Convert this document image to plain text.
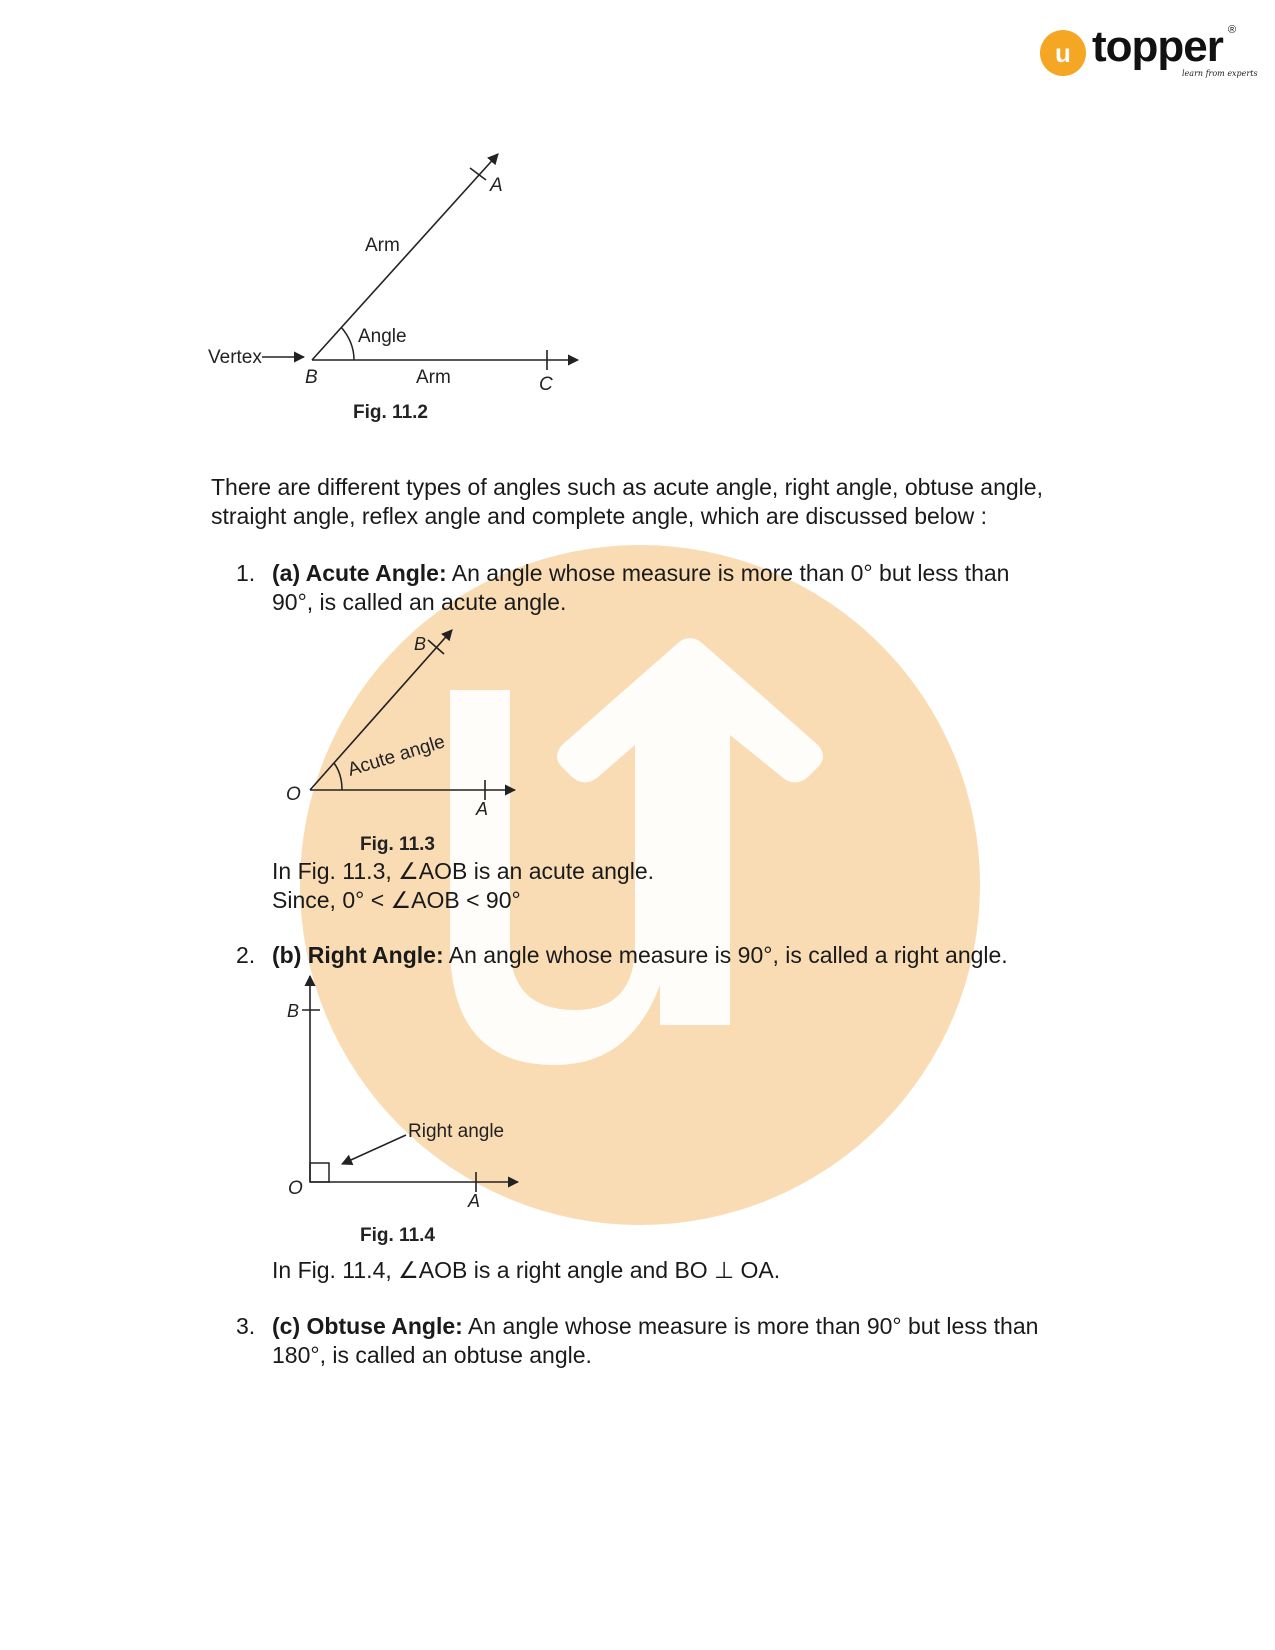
u topper ®
learn from experts
Vertex
Arm
Angle
Arm
A
B	C
Fig. 11.2
There are different types of angles such as acute angle, right angle, obtuse angle,
straight angle, reflex angle and complete angle, which are discussed below :
1. (a) Acute Angle: An angle whose measure is more than 0° but less than
90°, is called an acute angle.
O
A
B
Acute angle
Fig. 11.3
In Fig. 11.3, ∠AOB is an acute angle.
Since, 0° < ∠AOB < 90°
2. (b) Right Angle: An angle whose measure is 90°, is called a right angle.
O
A
B
Right angle
Fig. 11.4
In Fig. 11.4, ∠AOB is a right angle and BO ⊥ OA.
3. (c) Obtuse Angle: An angle whose measure is more than 90° but less than
180°, is called an obtuse angle.
